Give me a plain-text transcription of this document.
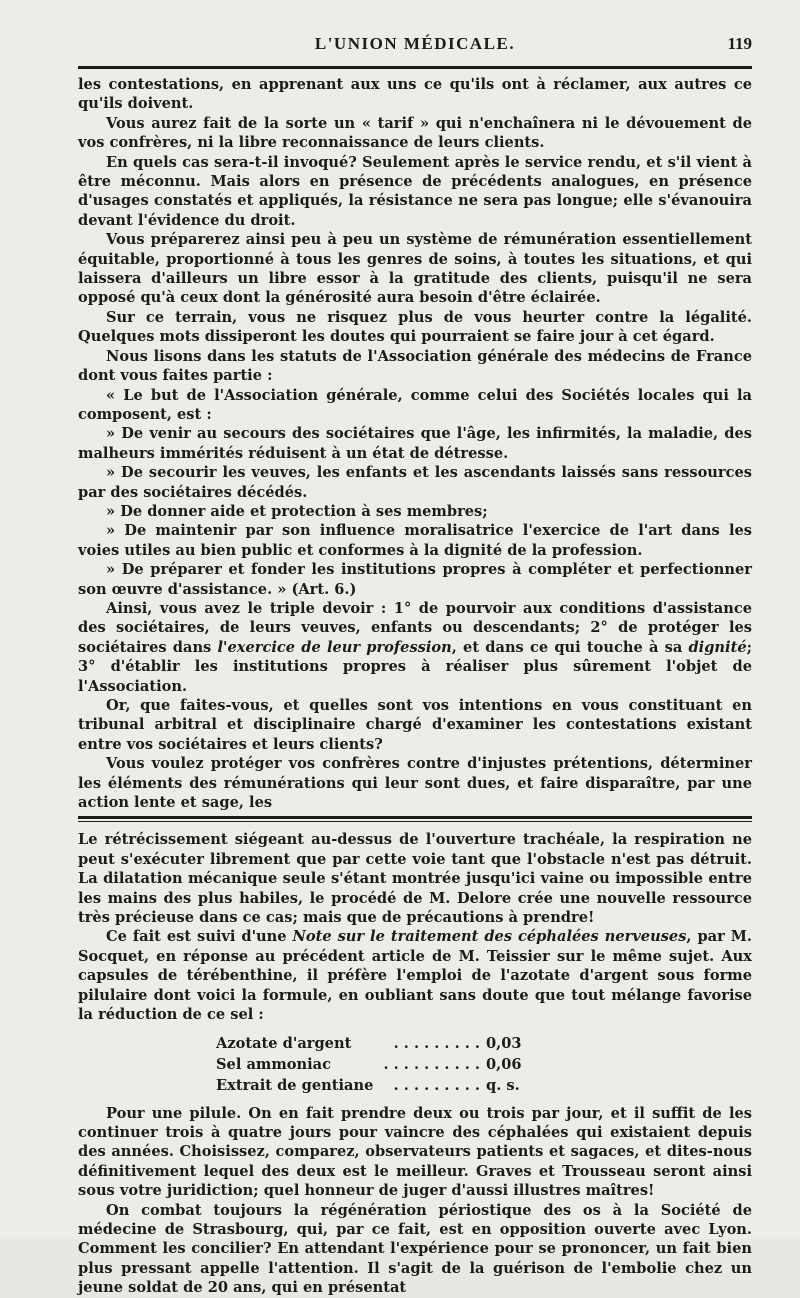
L'UNION MÉDICALE.	119

les contestations, en apprenant aux uns ce qu'ils ont à réclamer, aux autres ce qu'ils doivent.

Vous aurez fait de la sorte un « tarif » qui n'enchaînera ni le dévouement de vos confrères, ni la libre reconnaissance de leurs clients.

En quels cas sera-t-il invoqué? Seulement après le service rendu, et s'il vient à être méconnu. Mais alors en présence de précédents analogues, en présence d'usages constatés et appliqués, la résistance ne sera pas longue; elle s'évanouira devant l'évidence du droit.

Vous préparerez ainsi peu à peu un système de rémunération essentiellement équitable, proportionné à tous les genres de soins, à toutes les situations, et qui laissera d'ailleurs un libre essor à la gratitude des clients, puisqu'il ne sera opposé qu'à ceux dont la générosité aura besoin d'être éclairée.

Sur ce terrain, vous ne risquez plus de vous heurter contre la légalité. Quelques mots dissiperont les doutes qui pourraient se faire jour à cet égard.

Nous lisons dans les statuts de l'Association générale des médecins de France dont vous faites partie :

« Le but de l'Association générale, comme celui des Sociétés locales qui la composent, est :

» De venir au secours des sociétaires que l'âge, les infirmités, la maladie, des malheurs immérités réduisent à un état de détresse.

» De secourir les veuves, les enfants et les ascendants laissés sans ressources par des sociétaires décédés.

» De donner aide et protection à ses membres;

» De maintenir par son influence moralisatrice l'exercice de l'art dans les voies utiles au bien public et conformes à la dignité de la profession.

» De préparer et fonder les institutions propres à compléter et perfectionner son œuvre d'assistance. » (Art. 6.)

Ainsi, vous avez le triple devoir : 1° de pourvoir aux conditions d'assistance des sociétaires, de leurs veuves, enfants ou descendants; 2° de protéger les sociétaires dans l'exercice de leur profession, et dans ce qui touche à sa dignité; 3° d'établir les institutions propres à réaliser plus sûrement l'objet de l'Association.

Or, que faites-vous, et quelles sont vos intentions en vous constituant en tribunal arbitral et disciplinaire chargé d'examiner les contestations existant entre vos sociétaires et leurs clients?

Vous voulez protéger vos confrères contre d'injustes prétentions, déterminer les éléments des rémunérations qui leur sont dues, et faire disparaître, par une action lente et sage, les

Le rétrécissement siégeant au-dessus de l'ouverture trachéale, la respiration ne peut s'exécuter librement que par cette voie tant que l'obstacle n'est pas détruit. La dilatation mécanique seule s'étant montrée jusqu'ici vaine ou impossible entre les mains des plus habiles, le procédé de M. Delore crée une nouvelle ressource très précieuse dans ce cas; mais que de précautions à prendre!

Ce fait est suivi d'une Note sur le traitement des céphalées nerveuses, par M. Socquet, en réponse au précédent article de M. Teissier sur le même sujet. Aux capsules de térébenthine, il préfère l'emploi de l'azotate d'argent sous forme pilulaire dont voici la formule, en oubliant sans doute que tout mélange favorise la réduction de ce sel :

Azotate d'argent	. . . . . . . . . 0,03
Sel ammoniac	. . . . . . . . . . 0,06
Extrait de gentiane	. . . . . . . . . q. s.

Pour une pilule. On en fait prendre deux ou trois par jour, et il suffit de les continuer trois à quatre jours pour vaincre des céphalées qui existaient depuis des années. Choisissez, comparez, observateurs patients et sagaces, et dites-nous définitivement lequel des deux est le meilleur. Graves et Trousseau seront ainsi sous votre juridiction; quel honneur de juger d'aussi illustres maîtres!

On combat toujours la régénération périostique des os à la Société de médecine de Strasbourg, qui, par ce fait, est en opposition ouverte avec Lyon. Comment les concilier? En attendant l'expérience pour se prononcer, un fait bien plus pressant appelle l'attention. Il s'agit de la guérison de l'embolie chez un jeune soldat de 20 ans, qui en présentat
